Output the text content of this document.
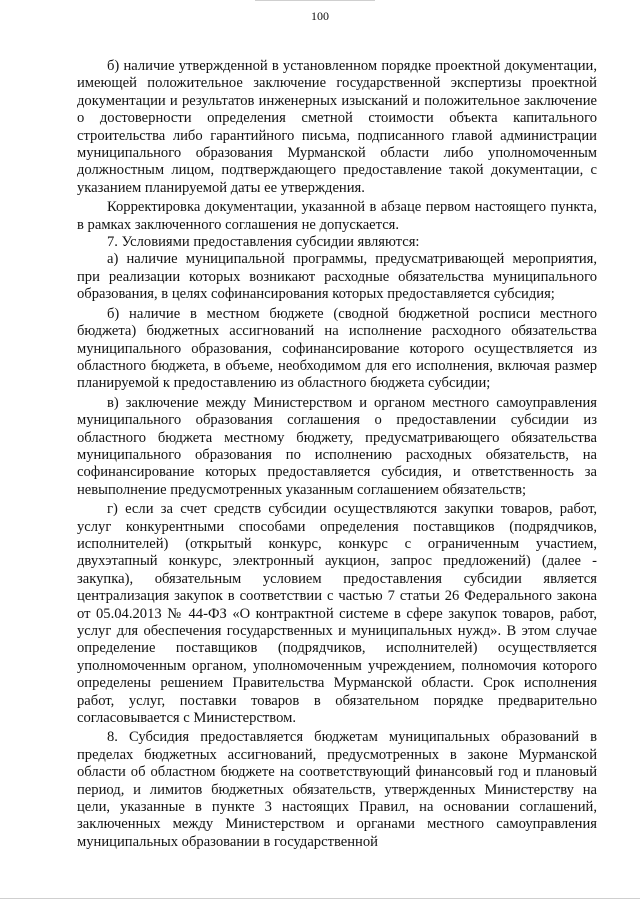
100

б) наличие утвержденной в установленном порядке проектной документации, имеющей положительное заключение государственной экспертизы проектной документации и результатов инженерных изысканий и положительное заключение о достоверности определения сметной стоимости объекта капитального строительства либо гарантийного письма, подписанного главой администрации муниципального образования Мурманской области либо уполномоченным должностным лицом, подтверждающего предоставление такой документации, с указанием планируемой даты ее утверждения.

Корректировка документации, указанной в абзаце первом настоящего пункта, в рамках заключенного соглашения не допускается.

7. Условиями предоставления субсидии являются:

а) наличие муниципальной программы, предусматривающей мероприятия, при реализации которых возникают расходные обязательства муниципального образования, в целях софинансирования которых предоставляется субсидия;

б) наличие в местном бюджете (сводной бюджетной росписи местного бюджета) бюджетных ассигнований на исполнение расходного обязательства муниципального образования, софинансирование которого осуществляется из областного бюджета, в объеме, необходимом для его исполнения, включая размер планируемой к предоставлению из областного бюджета субсидии;

в) заключение между Министерством и органом местного самоуправления муниципального образования соглашения о предоставлении субсидии из областного бюджета местному бюджету, предусматривающего обязательства муниципального образования по исполнению расходных обязательств, на софинансирование которых предоставляется субсидия, и ответственность за невыполнение предусмотренных указанным соглашением обязательств;

г) если за счет средств субсидии осуществляются закупки товаров, работ, услуг конкурентными способами определения поставщиков (подрядчиков, исполнителей) (открытый конкурс, конкурс с ограниченным участием, двухэтапный конкурс, электронный аукцион, запрос предложений) (далее - закупка), обязательным условием предоставления субсидии является централизация закупок в соответствии с частью 7 статьи 26 Федерального закона от 05.04.2013 № 44-ФЗ «О контрактной системе в сфере закупок товаров, работ, услуг для обеспечения государственных и муниципальных нужд». В этом случае определение поставщиков (подрядчиков, исполнителей) осуществляется уполномоченным органом, уполномоченным учреждением, полномочия которого определены решением Правительства Мурманской области. Срок исполнения работ, услуг, поставки товаров в обязательном порядке предварительно согласовывается с Министерством.

8. Субсидия предоставляется бюджетам муниципальных образований в пределах бюджетных ассигнований, предусмотренных в законе Мурманской области об областном бюджете на соответствующий финансовый год и плановый период, и лимитов бюджетных обязательств, утвержденных Министерству на цели, указанные в пункте 3 настоящих Правил, на основании соглашений, заключенных между Министерством и органами местного самоуправления муниципальных образовании в государственной
